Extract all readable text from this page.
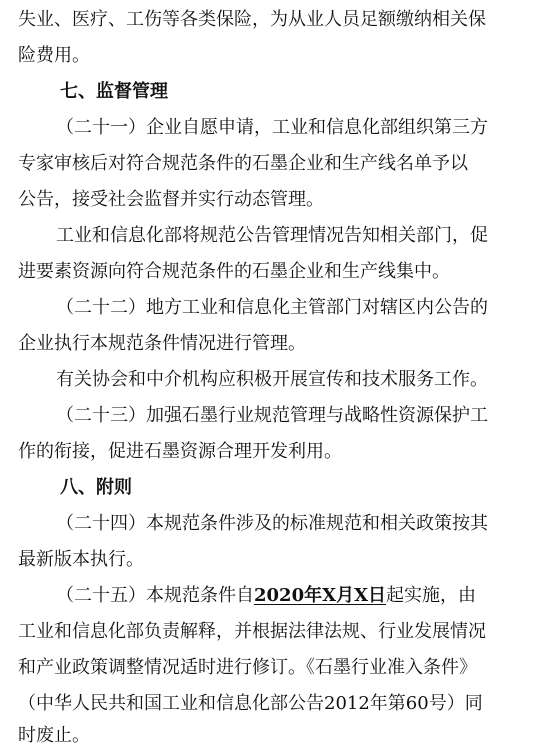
失业、医疗、工伤等各类保险，为从业人员足额缴纳相关保
险费用。
七、监督管理
（二十一）企业自愿申请，工业和信息化部组织第三方
专家审核后对符合规范条件的石墨企业和生产线名单予以
公告，接受社会监督并实行动态管理。
工业和信息化部将规范公告管理情况告知相关部门，促
进要素资源向符合规范条件的石墨企业和生产线集中。
（二十二）地方工业和信息化主管部门对辖区内公告的
企业执行本规范条件情况进行管理。
有关协会和中介机构应积极开展宣传和技术服务工作。
（二十三）加强石墨行业规范管理与战略性资源保护工
作的衔接，促进石墨资源合理开发利用。
八、附则
（二十四）本规范条件涉及的标准规范和相关政策按其
最新版本执行。
（二十五）本规范条件自2020年X月X日起实施，由
工业和信息化部负责解释，并根据法律法规、行业发展情况
和产业政策调整情况适时进行修订。《石墨行业准入条件》
（中华人民共和国工业和信息化部公告2012年第60号）同
时废止。
